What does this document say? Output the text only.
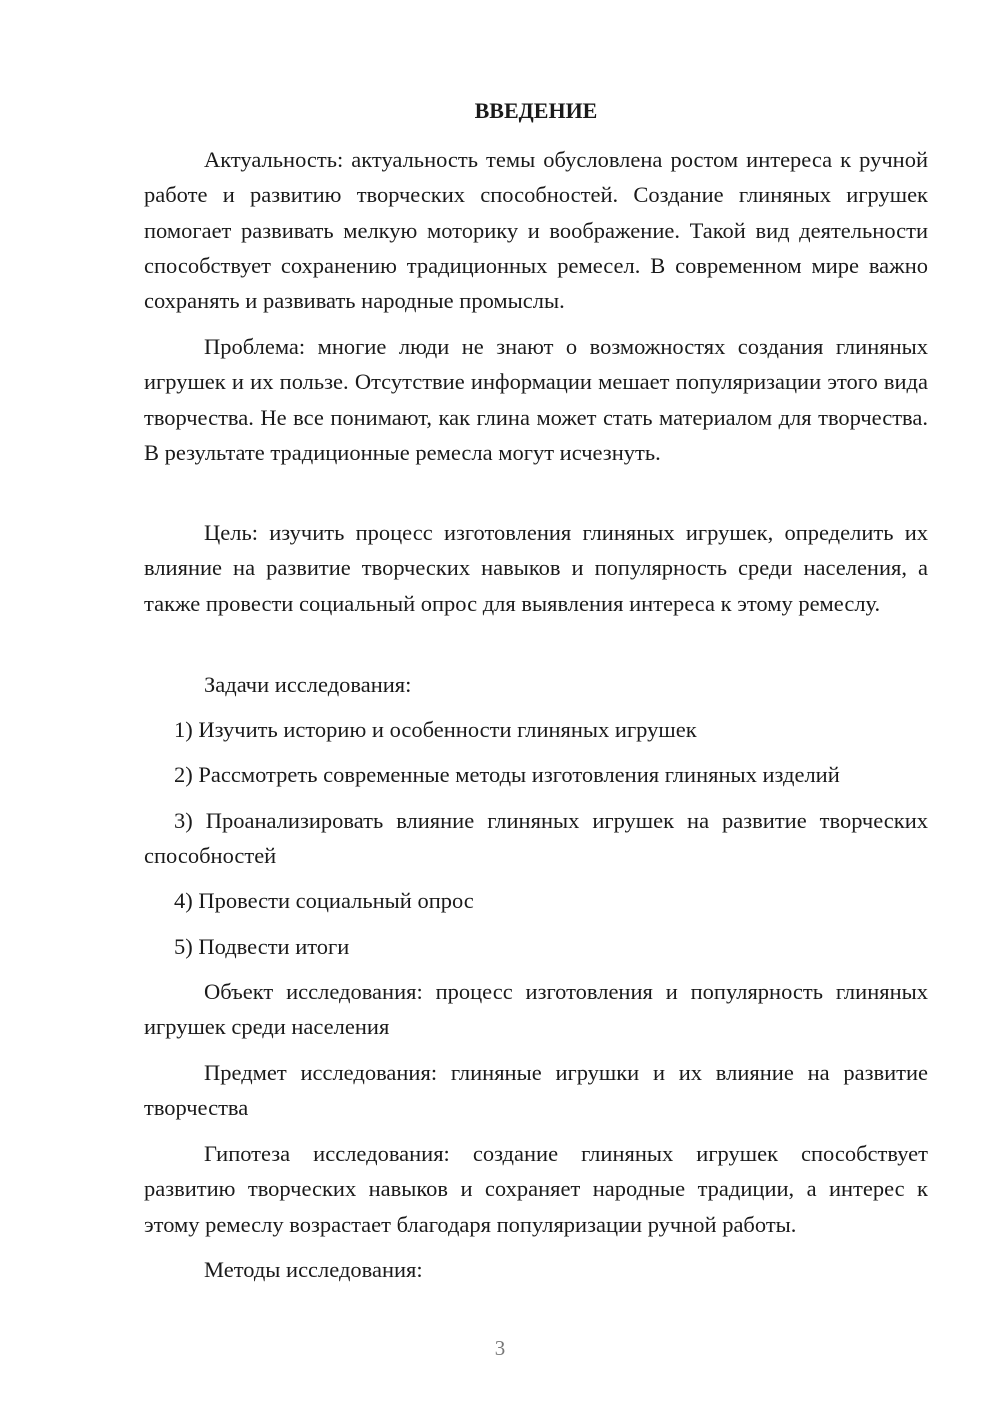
ВВЕДЕНИЕ

Актуальность: актуальность темы обусловлена ростом интереса к ручной работе и развитию творческих способностей. Создание глиняных игрушек помогает развивать мелкую моторику и воображение. Такой вид деятельности способствует сохранению традиционных ремесел. В современном мире важно сохранять и развивать народные промыслы.

Проблема: многие люди не знают о возможностях создания глиняных игрушек и их пользе. Отсутствие информации мешает популяризации этого вида творчества. Не все понимают, как глина может стать материалом для творчества. В результате традиционные ремесла могут исчезнуть.

Цель: изучить процесс изготовления глиняных игрушек, определить их влияние на развитие творческих навыков и популярность среди населения, а также провести социальный опрос для выявления интереса к этому ремеслу.

Задачи исследования:

1) Изучить историю и особенности глиняных игрушек

2) Рассмотреть современные методы изготовления глиняных изделий

3) Проанализировать влияние глиняных игрушек на развитие творческих способностей

4) Провести социальный опрос

5) Подвести итоги

Объект исследования: процесс изготовления и популярность глиняных игрушек среди населения

Предмет исследования: глиняные игрушки и их влияние на развитие творчества

Гипотеза исследования: создание глиняных игрушек способствует развитию творческих навыков и сохраняет народные традиции, а интерес к этому ремеслу возрастает благодаря популяризации ручной работы.

Методы исследования:

3
